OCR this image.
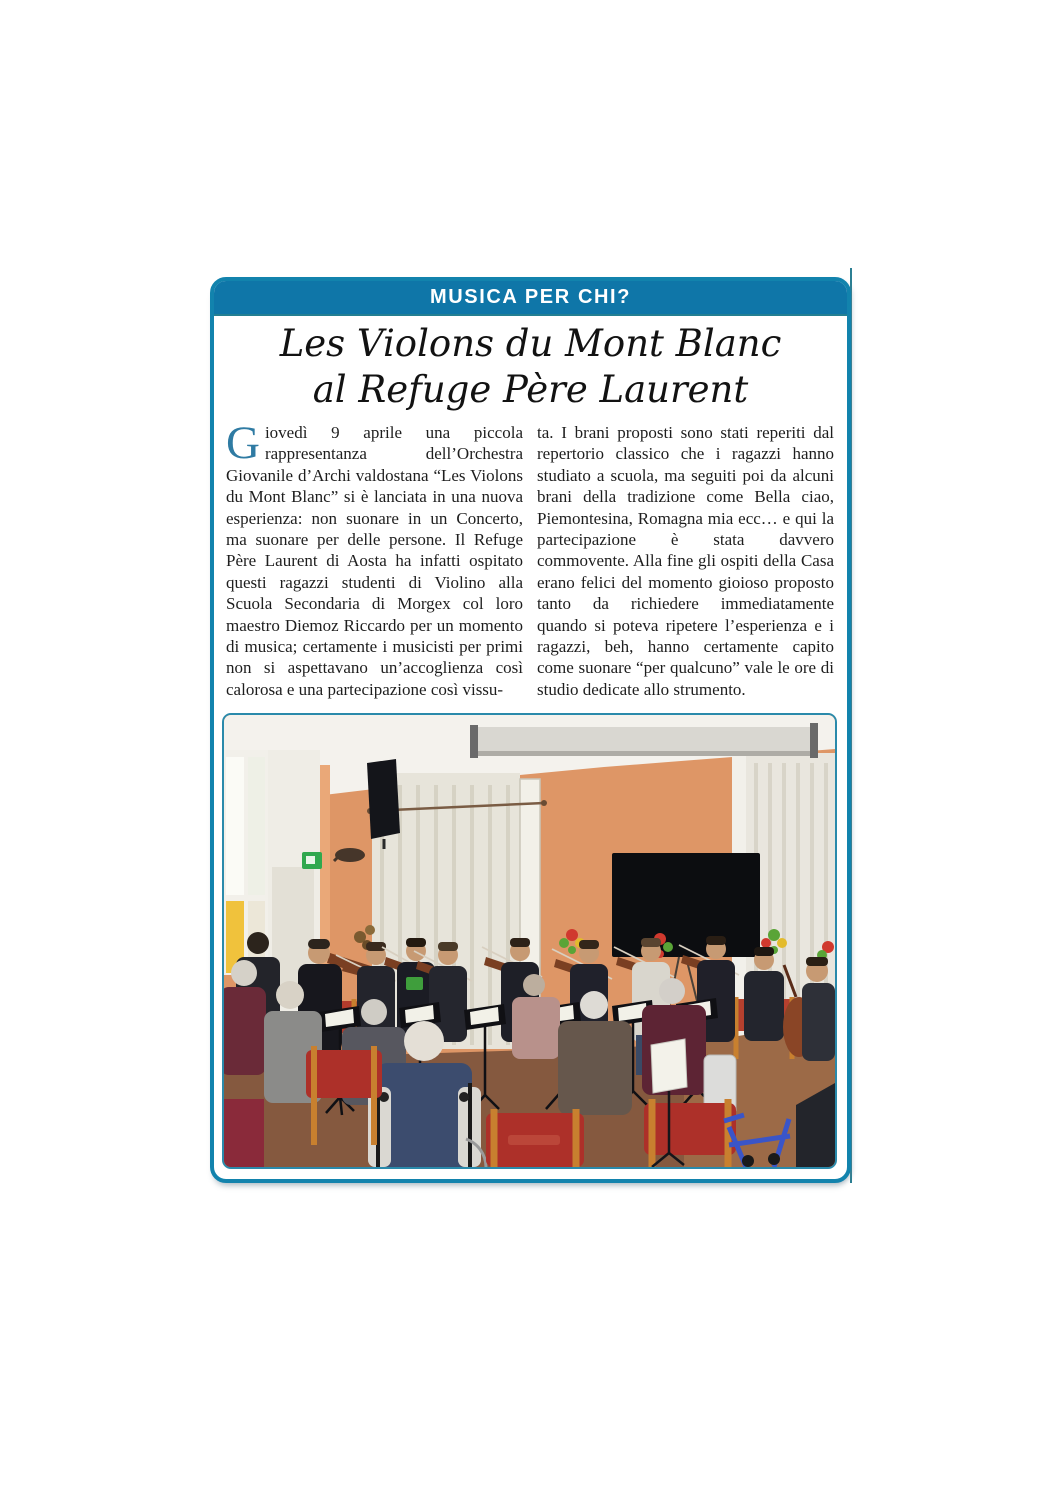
MUSICA PER CHI?
Les Violons du Mont Blanc
al Refuge Père Laurent

Giovedì 9 aprile una piccola rappresentanza dell’Orchestra Giovanile d’Archi valdostana “Les Violons du Mont Blanc” si è lanciata in una nuova esperienza: non suonare in un Concerto, ma suonare per delle persone. Il Refuge Père Laurent di Aosta ha infatti ospitato questi ragazzi studenti di Violino alla Scuola Secondaria di Morgex col loro maestro Diemoz Riccardo per un momento di musica; certamente i musicisti per primi non si aspettavano un’accoglienza così calorosa e una partecipazione così vissu-

ta. I brani proposti sono stati reperiti dal repertorio classico che i ragazzi hanno studiato a scuola, ma seguiti poi da alcuni brani della tradizione come Bella ciao, Piemontesina, Romagna mia ecc… e qui la partecipazione è stata davvero commovente. Alla fine gli ospiti della Casa erano felici del momento gioioso proposto tanto da richiedere immediatamente quando si poteva ripetere l’esperienza e i ragazzi, beh, hanno certamente capito come suonare “per qualcuno” vale le ore di studio dedicate allo strumento.
